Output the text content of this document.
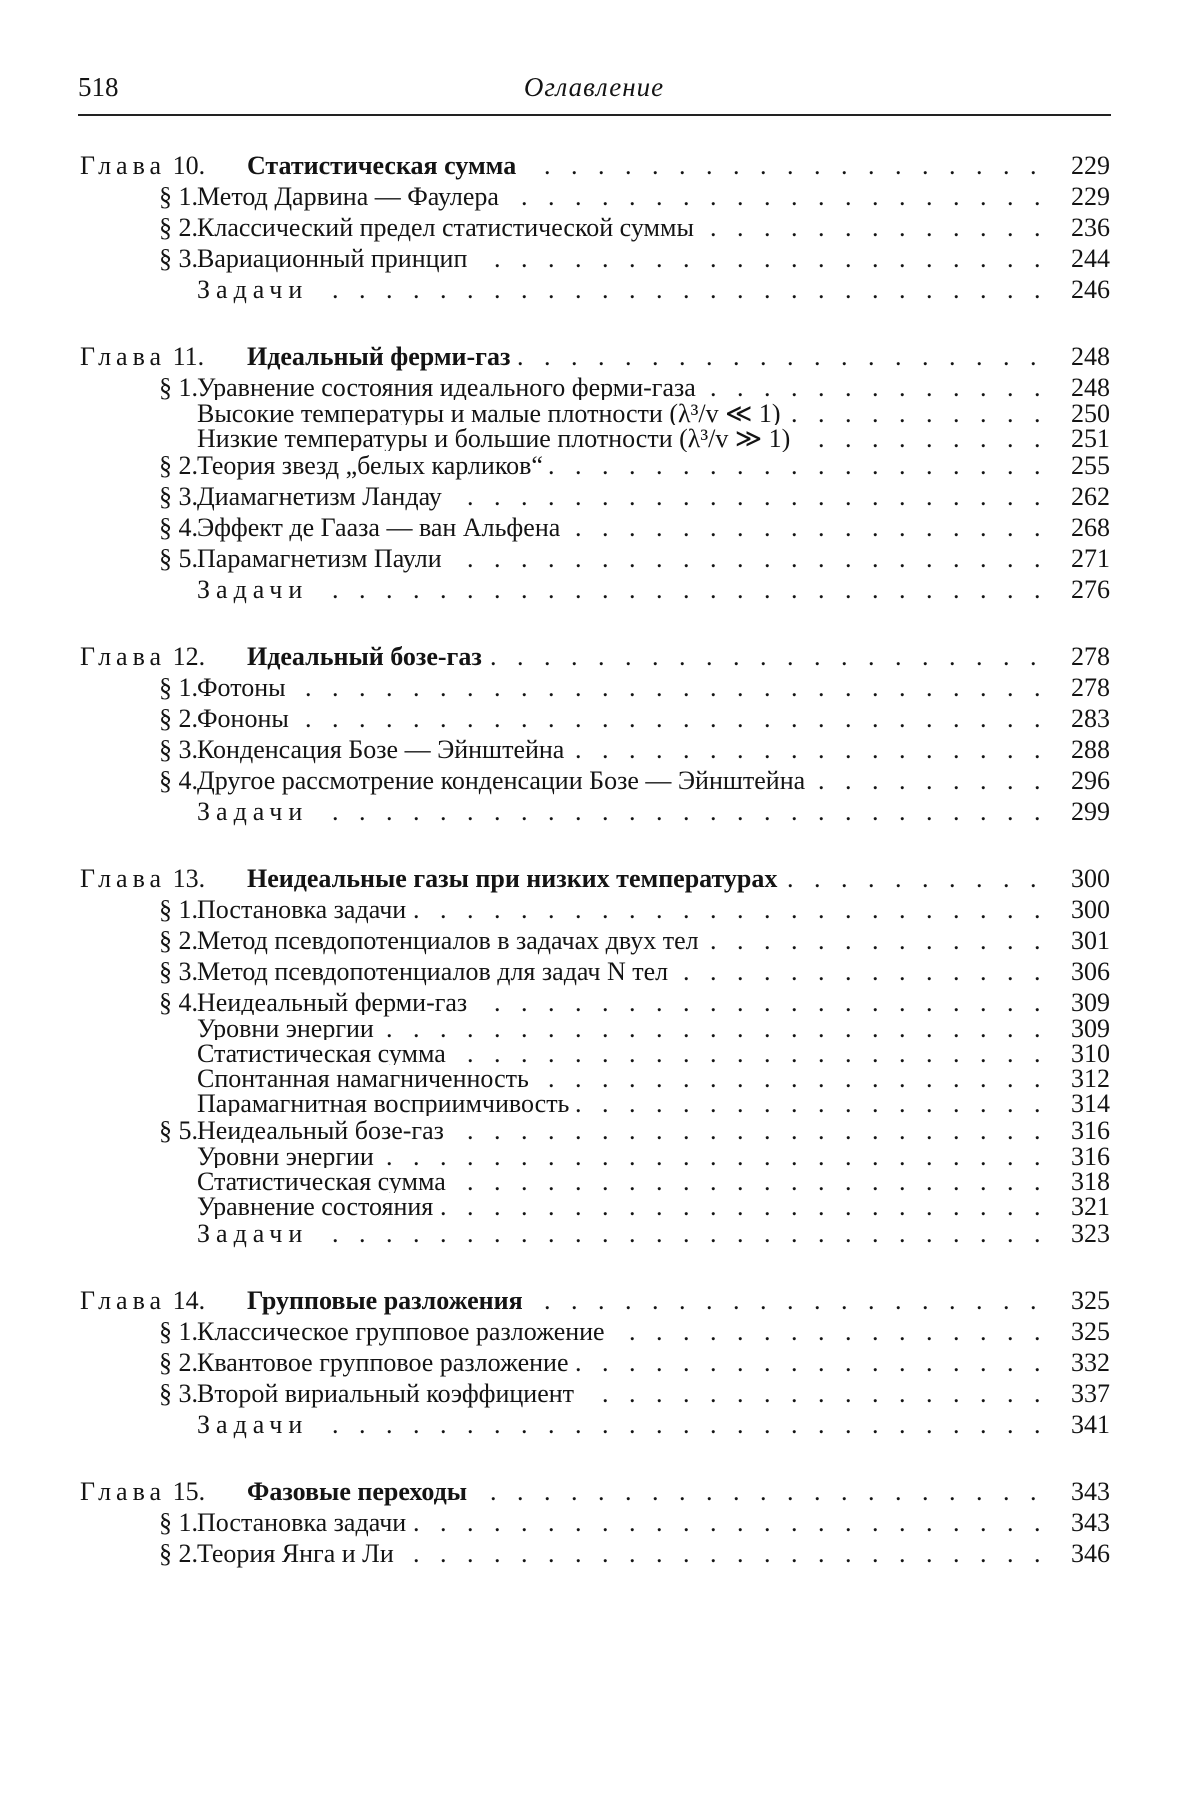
518	Оглавление
Глава 10. Статистическая сумма . . .	229
§ 1. Метод Дарвина — Фаулера . . .	229
§ 2. Классический предел статистической суммы . . .	236
§ 3. Вариационный принцип . . .	244
Задачи . . .	246
Глава 11. Идеальный ферми-газ . . .	248
§ 1. Уравнение состояния идеального ферми-газа . . .	248
Высокие температуры и малые плотности (λ³/v ≪ 1) . . .	250
Низкие температуры и большие плотности (λ³/v ≫ 1) . . .	251
§ 2. Теория звезд „белых карликов“ . . .	255
§ 3. Диамагнетизм Ландау . . .	262
§ 4. Эффект де Гааза — ван Альфена . . .	268
§ 5. Парамагнетизм Паули . . .	271
Задачи . . .	276
Глава 12. Идеальный бозе-газ . . .	278
§ 1. Фотоны . . .	278
§ 2. Фононы . . .	283
§ 3. Конденсация Бозе — Эйнштейна . . .	288
§ 4. Другое рассмотрение конденсации Бозе — Эйнштейна . . .	296
Задачи . . .	299
Глава 13. Неидеальные газы при низких температурах . . .	300
§ 1. Постановка задачи . . .	300
§ 2. Метод псевдопотенциалов в задачах двух тел . . .	301
§ 3. Метод псевдопотенциалов для задач N тел . . .	306
§ 4. Неидеальный ферми-газ . . .	309
Уровни энергии . . .	309
Статистическая сумма . . .	310
Спонтанная намагниченность . . .	312
Парамагнитная восприимчивость . . .	314
§ 5. Неидеальный бозе-газ . . .	316
Уровни энергии . . .	316
Статистическая сумма . . .	318
Уравнение состояния . . .	321
Задачи . . .	323
Глава 14. Групповые разложения . . .	325
§ 1. Классическое групповое разложение . . .	325
§ 2. Квантовое групповое разложение . . .	332
§ 3. Второй вириальный коэффициент . . .	337
Задачи . . .	341
Глава 15. Фазовые переходы . . .	343
§ 1. Постановка задачи . . .	343
§ 2. Теория Янга и Ли . . .	346
